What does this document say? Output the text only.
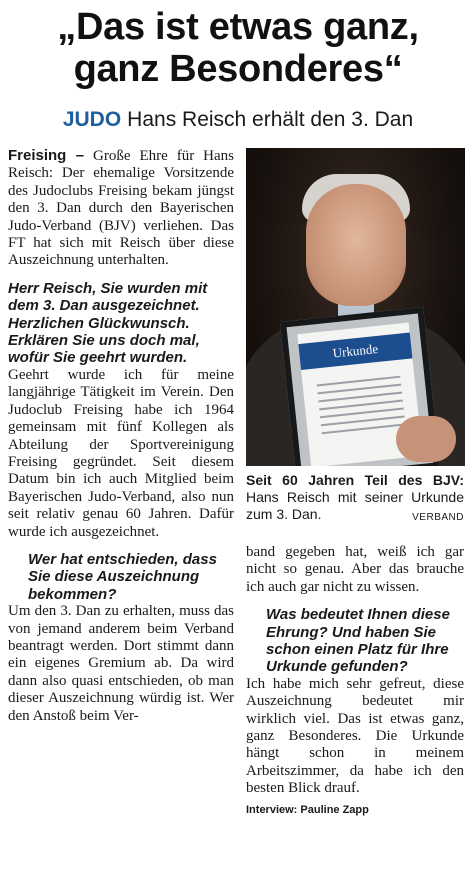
„Das ist etwas ganz,
ganz Besonderes“
JUDO Hans Reisch erhält den 3. Dan

Freising – Große Ehre für Hans Reisch: Der ehemalige Vorsitzende des Judoclubs Freising bekam jüngst den 3. Dan durch den Bayerischen Judo-Verband (BJV) verliehen. Das FT hat sich mit Reisch über diese Auszeichnung unterhalten.

Herr Reisch, Sie wurden mit dem 3. Dan ausgezeichnet. Herzlichen Glückwunsch. Erklären Sie uns doch mal, wofür Sie geehrt wurden.

Geehrt wurde ich für meine langjährige Tätigkeit im Verein. Den Judoclub Freising habe ich 1964 gemeinsam mit fünf Kollegen als Abteilung der Sportvereinigung Freising gegründet. Seit diesem Datum bin ich auch Mitglied beim Bayerischen Judo-Verband, also nun seit relativ genau 60 Jahren. Dafür wurde ich ausgezeichnet.

Wer hat entschieden, dass Sie diese Auszeichnung bekommen?

Um den 3. Dan zu erhalten, muss das von jemand anderem beim Verband beantragt werden. Dort stimmt dann ein eigenes Gremium ab. Da wird dann also quasi entschieden, ob man dieser Auszeichnung würdig ist. Wer den Anstoß beim Ver-

Urkunde
Seit 60 Jahren Teil des BJV: Hans Reisch mit seiner Urkunde zum 3. Dan.	VERBAND

band gegeben hat, weiß ich gar nicht so genau. Aber das brauche ich auch gar nicht zu wissen.

Was bedeutet Ihnen diese Ehrung? Und haben Sie schon einen Platz für Ihre Urkunde gefunden?

Ich habe mich sehr gefreut, diese Auszeichnung bedeutet mir wirklich viel. Das ist etwas ganz, ganz Besonderes. Die Urkunde hängt schon in meinem Arbeitszimmer, da habe ich den besten Blick drauf.

Interview: Pauline Zapp
